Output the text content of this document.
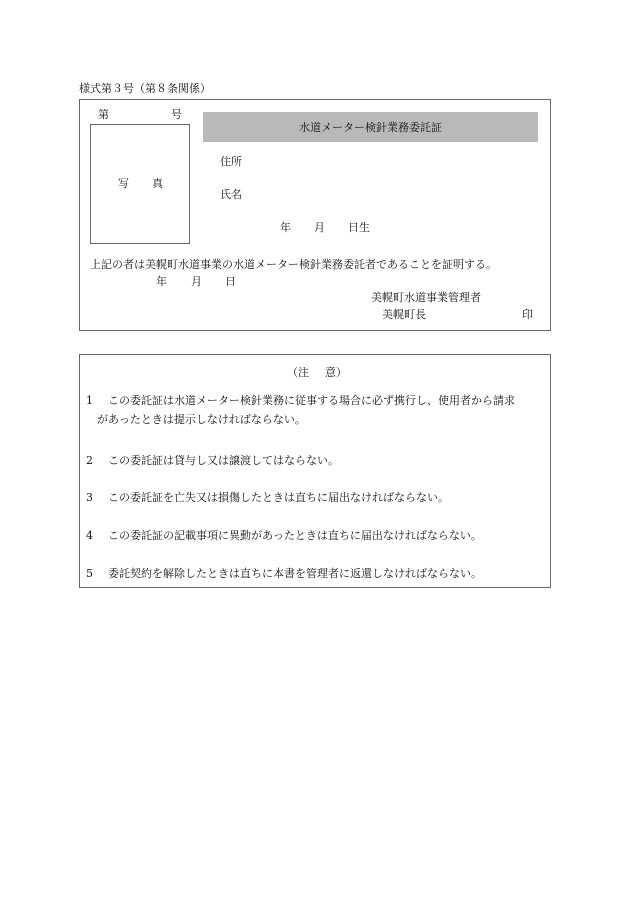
様式第３号（第８条関係）
第	号
写 真
水道メーター検針業務委託証
住所
氏名
年 月 日生
上記の者は美幌町水道事業の水道メーター検針業務委託者であることを証明する。
年 月 日
美幌町水道事業管理者
美幌町長	印
（注 意）
1 この委託証は水道メーター検針業務に従事する場合に必ず携行し、使用者から請求
があったときは提示しなければならない。
2 この委託証は貸与し又は譲渡してはならない。
3 この委託証を亡失又は損傷したときは直ちに届出なければならない。
4 この委託証の記載事項に異動があったときは直ちに届出なければならない。
5 委託契約を解除したときは直ちに本書を管理者に返還しなければならない。
